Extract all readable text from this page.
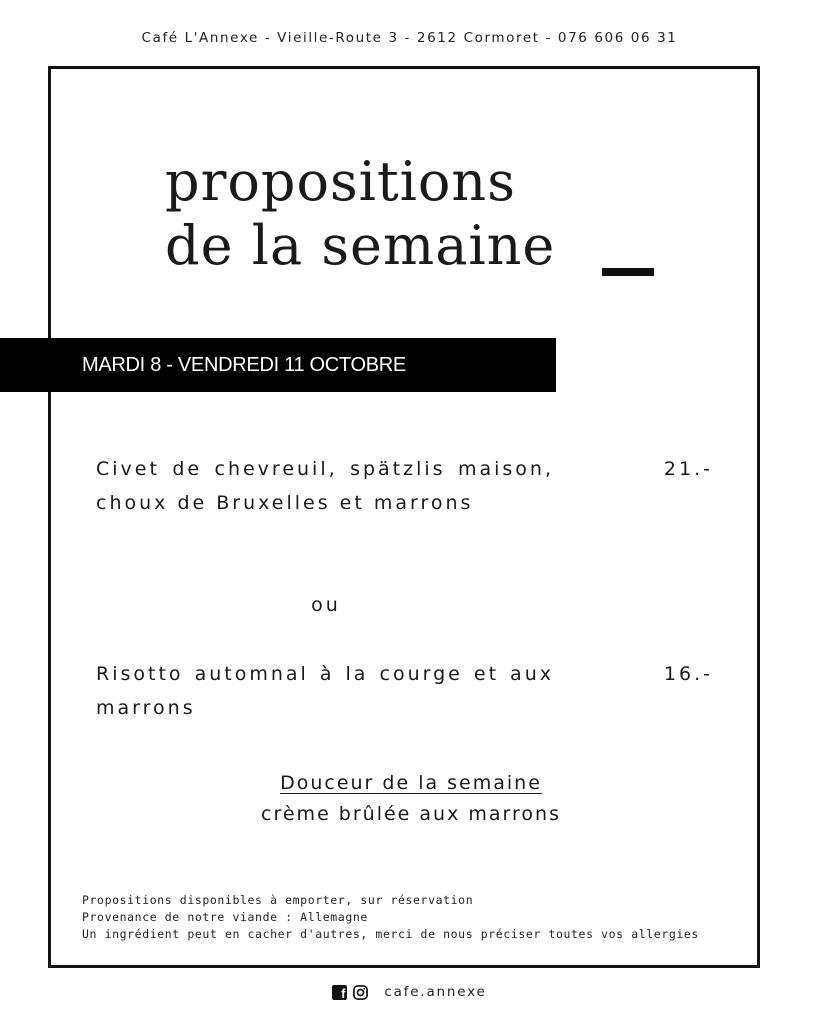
Café L'Annexe - Vieille-Route 3 - 2612 Cormoret - 076 606 06 31
propositions
de la semaine
MARDI 8 - VENDREDI 11 OCTOBRE
Civet de chevreuil, spätzlis maison, choux de Bruxelles et marrons
21.-
ou
Risotto automnal à la courge et aux marrons
16.-
Douceur de la semaine
crème brûlée aux marrons
Propositions disponibles à emporter, sur réservation
Provenance de notre viande : Allemagne
Un ingrédient peut en cacher d'autres, merci de nous préciser toutes vos allergies
f	cafe.annexe
